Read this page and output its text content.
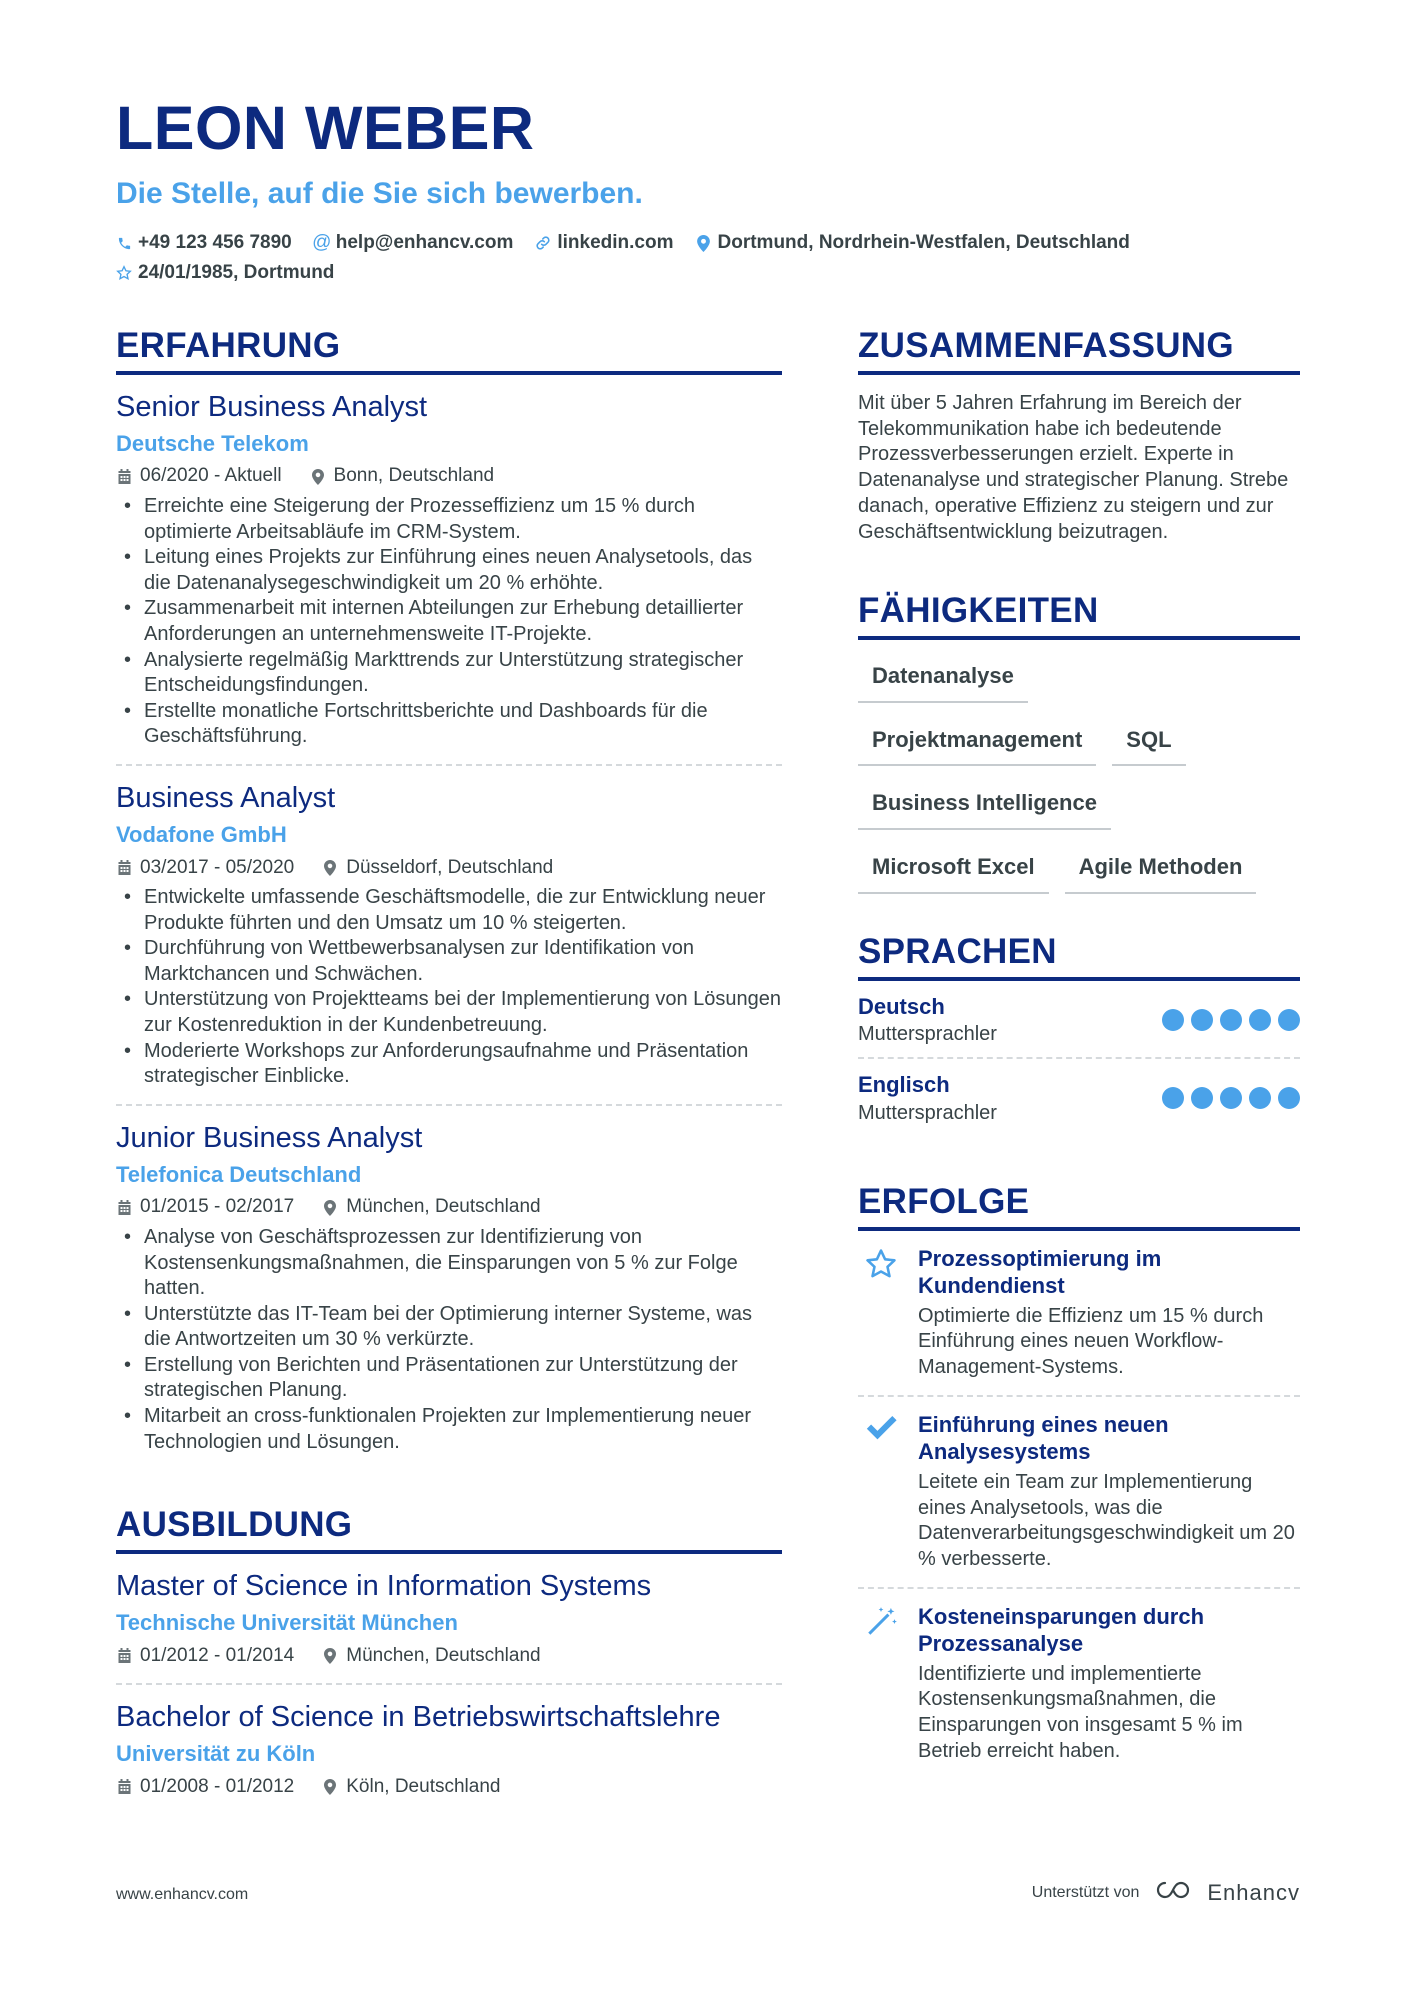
LEON WEBER
Die Stelle, auf die Sie sich bewerben.
+49 123 456 7890 @ help@enhancv.com linkedin.com Dortmund, Nordrhein-Westfalen, Deutschland
24/01/1985, Dortmund
ERFAHRUNG
Senior Business Analyst
Deutsche Telekom
06/2020 - Aktuell	Bonn, Deutschland
• Erreichte eine Steigerung der Prozesseffizienz um 15 % durch optimierte Arbeitsabläufe im CRM-System.
• Leitung eines Projekts zur Einführung eines neuen Analysetools, das die Datenanalysegeschwindigkeit um 20 % erhöhte.
• Zusammenarbeit mit internen Abteilungen zur Erhebung detaillierter Anforderungen an unternehmensweite IT-Projekte.
• Analysierte regelmäßig Markttrends zur Unterstützung strategischer Entscheidungsfindungen.
• Erstellte monatliche Fortschrittsberichte und Dashboards für die Geschäftsführung.
Business Analyst
Vodafone GmbH
03/2017 - 05/2020	Düsseldorf, Deutschland
• Entwickelte umfassende Geschäftsmodelle, die zur Entwicklung neuer Produkte führten und den Umsatz um 10 % steigerten.
• Durchführung von Wettbewerbsanalysen zur Identifikation von Marktchancen und Schwächen.
• Unterstützung von Projektteams bei der Implementierung von Lösungen zur Kostenreduktion in der Kundenbetreuung.
• Moderierte Workshops zur Anforderungsaufnahme und Präsentation strategischer Einblicke.
Junior Business Analyst
Telefonica Deutschland
01/2015 - 02/2017	München, Deutschland
• Analyse von Geschäftsprozessen zur Identifizierung von Kostensenkungsmaßnahmen, die Einsparungen von 5 % zur Folge hatten.
• Unterstützte das IT-Team bei der Optimierung interner Systeme, was die Antwortzeiten um 30 % verkürzte.
• Erstellung von Berichten und Präsentationen zur Unterstützung der strategischen Planung.
• Mitarbeit an cross-funktionalen Projekten zur Implementierung neuer Technologien und Lösungen.
AUSBILDUNG
Master of Science in Information Systems
Technische Universität München
01/2012 - 01/2014	München, Deutschland
Bachelor of Science in Betriebswirtschaftslehre
Universität zu Köln
01/2008 - 01/2012	Köln, Deutschland
ZUSAMMENFASSUNG
Mit über 5 Jahren Erfahrung im Bereich der Telekommunikation habe ich bedeutende Prozessverbesserungen erzielt. Experte in Datenanalyse und strategischer Planung. Strebe danach, operative Effizienz zu steigern und zur Geschäftsentwicklung beizutragen.
FÄHIGKEITEN
Datenanalyse
Projektmanagement	SQL
Business Intelligence
Microsoft Excel	Agile Methoden
SPRACHEN
Deutsch
Muttersprachler
Englisch
Muttersprachler
ERFOLGE
Prozessoptimierung im Kundendienst
Optimierte die Effizienz um 15 % durch Einführung eines neuen Workflow-Management-Systems.
Einführung eines neuen Analysesystems
Leitete ein Team zur Implementierung eines Analysetools, was die Datenverarbeitungsgeschwindigkeit um 20 % verbesserte.
Kosteneinsparungen durch Prozessanalyse
Identifizierte und implementierte Kostensenkungsmaßnahmen, die Einsparungen von insgesamt 5 % im Betrieb erreicht haben.
www.enhancv.com	Unterstützt von	Enhancv
